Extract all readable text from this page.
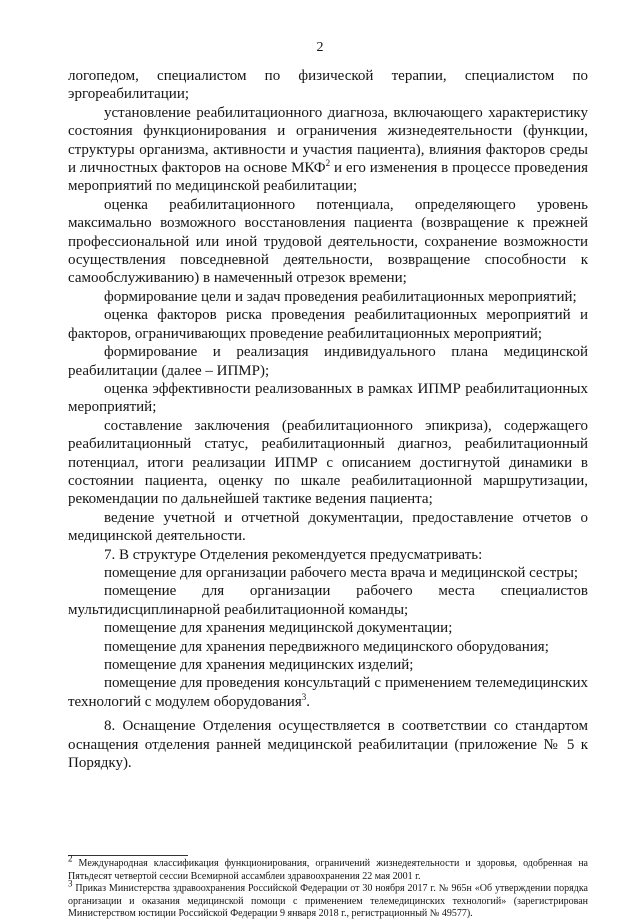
2

логопедом, специалистом по физической терапии, специалистом по эргореабилитации;

установление реабилитационного диагноза, включающего характеристику состояния функционирования и ограничения жизнедеятельности (функции, структуры организма, активности и участия пациента), влияния факторов среды и личностных факторов на основе МКФ$^2$ и его изменения в процессе проведения мероприятий по медицинской реабилитации;

оценка реабилитационного потенциала, определяющего уровень максимально возможного восстановления пациента (возвращение к прежней профессиональной или иной трудовой деятельности, сохранение возможности осуществления повседневной деятельности, возвращение способности к самообслуживанию) в намеченный отрезок времени;

формирование цели и задач проведения реабилитационных мероприятий;

оценка факторов риска проведения реабилитационных мероприятий и факторов, ограничивающих проведение реабилитационных мероприятий;

формирование и реализация индивидуального плана медицинской реабилитации (далее – ИПМР);

оценка эффективности реализованных в рамках ИПМР реабилитационных мероприятий;

составление заключения (реабилитационного эпикриза), содержащего реабилитационный статус, реабилитационный диагноз, реабилитационный потенциал, итоги реализации ИПМР с описанием достигнутой динамики в состоянии пациента, оценку по шкале реабилитационной маршрутизации, рекомендации по дальнейшей тактике ведения пациента;

ведение учетной и отчетной документации, предоставление отчетов о медицинской деятельности.

7. В структуре Отделения рекомендуется предусматривать:

помещение для организации рабочего места врача и медицинской сестры;

помещение для организации рабочего места специалистов мультидисциплинарной реабилитационной команды;

помещение для хранения медицинской документации;

помещение для хранения передвижного медицинского оборудования;

помещение для хранения медицинских изделий;

помещение для проведения консультаций с применением телемедицинских технологий с модулем оборудования$^3$.

8. Оснащение Отделения осуществляется в соответствии со стандартом оснащения отделения ранней медицинской реабилитации (приложение № 5 к Порядку).

$^2$ Международная классификация функционирования, ограничений жизнедеятельности и здоровья, одобренная на Пятьдесят четвертой сессии Всемирной ассамблеи здравоохранения 22 мая 2001 г.

$^3$ Приказ Министерства здравоохранения Российской Федерации от 30 ноября 2017 г. № 965н «Об утверждении порядка организации и оказания медицинской помощи с применением телемедицинских технологий» (зарегистрирован Министерством юстиции Российской Федерации 9 января 2018 г., регистрационный № 49577).
